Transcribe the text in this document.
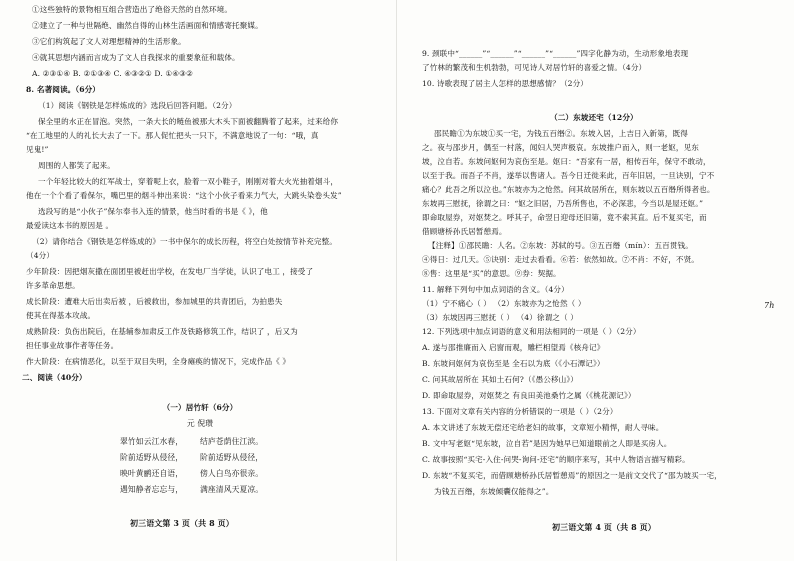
①这些独特的景物相互组合营造出了绝俗天然的自然环境。
②建立了一种与世隔绝、幽然自得的山林生活画面和情感寄托聚媒。
③它们构筑起了文人对理想精神的生活形象。
④就其思想内涵而言成为了文人自我探求的重要象征和载体。
A. ②③①④ B. ②①③④ C. ④③②① D. ①④③②
8. 名著阅读。（6分）
（1）阅读《钢铁是怎样炼成的》选段后回答问题。（2分）
保全里的水正在冒泡。突然，一条大长的鲢鱼被那大木头下面被翻腾着了起来，过来给你
“在工地里的人的礼长大去了一下。那人促忙把头一只下，不满意地说了一句：“哦，真
见鬼!”
周围的人都笑了起来。
一个年轻比较大的红军战士，穿着呢上衣，脸着一双小鞋子，刚刚对着大火光抽着烟斗，
他在一个个看了看保尔，嘴巴里的烟斗伸出来说：“这个小伙子看来力气大，大跳头染卷头发”
选段写的是“小伙子”保尔奉书入连的情景，他当时看的书是《 》，他
最爱读这本书的原因是 。
（2）请你结合《钢铁是怎样炼成的》一书中保尔的成长历程，将空白处按情节补充完整。
（4分）
少年阶段：因把烟灰撒在面团里被赶出学校，在发电厂当学徒，认识了电工 ，接受了
许多革命思想。
成长阶段：遭难大后出卖后被 ，后被救出，参加城里的共青团后，为拍患失
使其在得基本攻战。
成熟阶段：负伤出院后，在基辅参加肃反工作及铁路修筑工作，结识了 ，后又为
担任事业故事作者等任务。
作大阶段：在病情恶化，以至于双目失明，全身瘫痪的情况下，完成作品《 》
二、阅读（40分）
（一）居竹轩（6分）
元 倪瓒
翠竹如云江水春， 结庐苍荫住江滨。
阶前适野从侵径， 阶前适野从侵径，
映叶黄鹂还自语， 傍人白鸟亦很亲。
遇知静者忘忘与， 满座清风天夏凉。
初三语文第 3 页（共 8 页）
9. 颈联中“______”“______”“______”“______”四字化静为动，生动形象地表现
了竹林的繁茂和生机勃勃，可见诗人对居竹轩的喜爱之情。（4分）
10. 诗歌表现了居主人怎样的思想感情？（2分）
（二）东坡还宅（12分）
邵民瞻①为东坡①买一宅，为钱五百缗②。东坡入居，上吉日入新第，既得
之。夜与邵步月，偶至一村落，闻妇人哭声极哀。东坡推户而入，则一老妪，见东
坡，泣自若。东坡问妪何为哀伤至是。妪曰：“吾家有一居，相传百年，保守不敢动，
以至于我。而吾子不肖，遂举以售诸人。吾今日迁徙来此，百年旧居，一旦诀别，宁不
痛心？此吾之所以泣也。”东坡亦为之怆然。问其故居所在，则东坡以五百缗所得者也。
东坡再三慰抚，徐谓之曰：“妪之旧居，乃吾所售也，不必深悲，今当以是屋还妪。”
即命取屋券，对妪焚之。呼其子，命翌日迎母还旧第，竟不索其直。后不复买宅，而
借顾塘桥孙氏居暂憩焉。
【注释】①邵民瞻：人名。②东坡：苏轼的号。③五百缗（mín）：五百贯钱。
④得日：过几天。⑤诀别：走过去看看。⑥若：依然如故。⑦不肖：不好，不贤。
⑧售：这里是“买”的意思。⑨券：契据。
11. 解释下列句中加点词语的含义。（4分）
（1）宁不痛心（ ） （2）东坡亦为之怆然（ ）
（3）东坡因再三慰抚（ ） （4）徐谓之（ ）
12. 下列选项中加点词语的意义和用法相同的一项是（ ）（2分）
A. 遂与邵推廉而入 启窗而观，雕栏相望焉《核舟记》
B. 东坡问妪何为哀伤至是 全石以为底（《小石潭记》）
C. 问其故居所在 其如土石何?（《愚公移山》）
D. 即命取屋券，对妪焚之 有良田美池桑竹之属（《桃花源记》）
13. 下面对文章有关内容的分析错误的一项是（ ）（2分）
A. 本文讲述了东坡无偿还宅给老妇的故事，文章短小精悍，耐人寻味。
B. 文中写老妪“见东坡，泣自若”是因为她早已知道眼前之人即是买房人。
C. 故事按照“买宅-入住-问哭-询问-还宅”的顺序来写，其中人物语言描写精彩。
D. 东坡“不复买宅，而借顾塘桥孙氏居暂憩焉”的原因之一是前文交代了“邵为坡买一宅，
为钱五百缗，东坡倾囊仅能得之”。
7h
初三语文第 4 页（共 8 页）
